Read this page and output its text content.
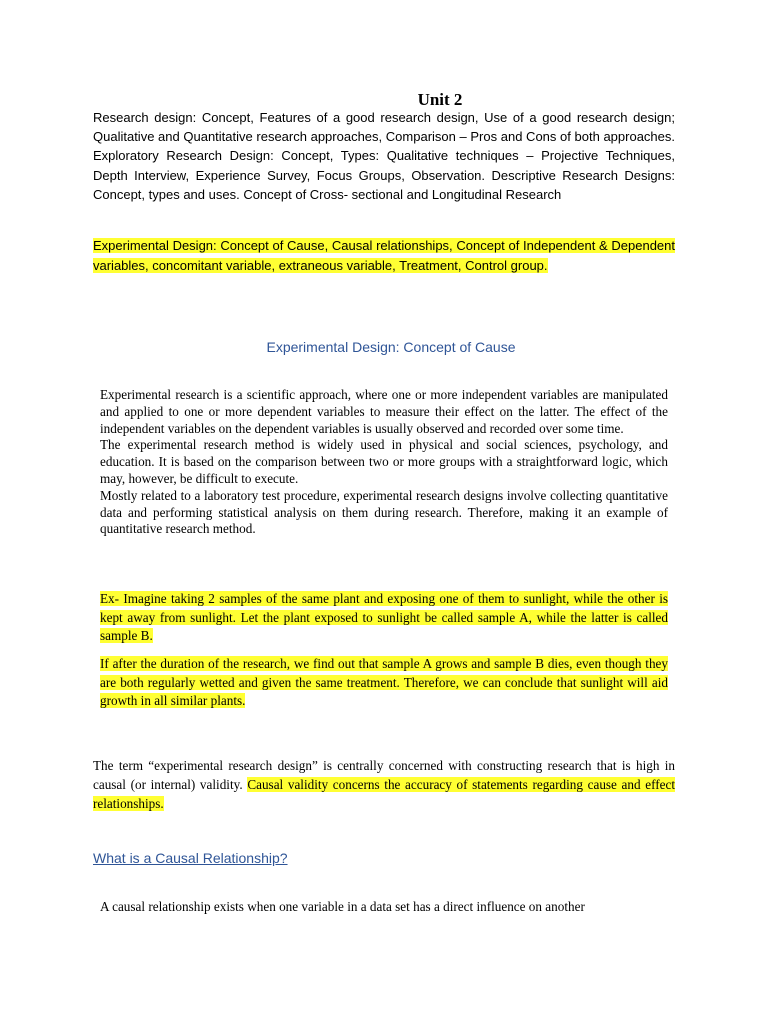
Unit 2

Research design: Concept, Features of a good research design, Use of a good research design; Qualitative and Quantitative research approaches, Comparison – Pros and Cons of both approaches. Exploratory Research Design: Concept, Types: Qualitative techniques – Projective Techniques, Depth Interview, Experience Survey, Focus Groups, Observation. Descriptive Research Designs: Concept, types and uses. Concept of Cross- sectional and Longitudinal Research

Experimental Design: Concept of Cause, Causal relationships, Concept of Independent & Dependent variables, concomitant variable, extraneous variable, Treatment, Control group.

Experimental Design: Concept of Cause

Experimental research is a scientific approach, where one or more independent variables are manipulated and applied to one or more dependent variables to measure their effect on the latter. The effect of the independent variables on the dependent variables is usually observed and recorded over some time.
The experimental research method is widely used in physical and social sciences, psychology, and education. It is based on the comparison between two or more groups with a straightforward logic, which may, however, be difficult to execute.
Mostly related to a laboratory test procedure, experimental research designs involve collecting quantitative data and performing statistical analysis on them during research. Therefore, making it an example of quantitative research method.

Ex- Imagine taking 2 samples of the same plant and exposing one of them to sunlight, while the other is kept away from sunlight. Let the plant exposed to sunlight be called sample A, while the latter is called sample B.

If after the duration of the research, we find out that sample A grows and sample B dies, even though they are both regularly wetted and given the same treatment. Therefore, we can conclude that sunlight will aid growth in all similar plants.

The term “experimental research design” is centrally concerned with constructing research that is high in causal (or internal) validity. Causal validity concerns the accuracy of statements regarding cause and effect relationships.

What is a Causal Relationship?

A causal relationship exists when one variable in a data set has a direct influence on another
